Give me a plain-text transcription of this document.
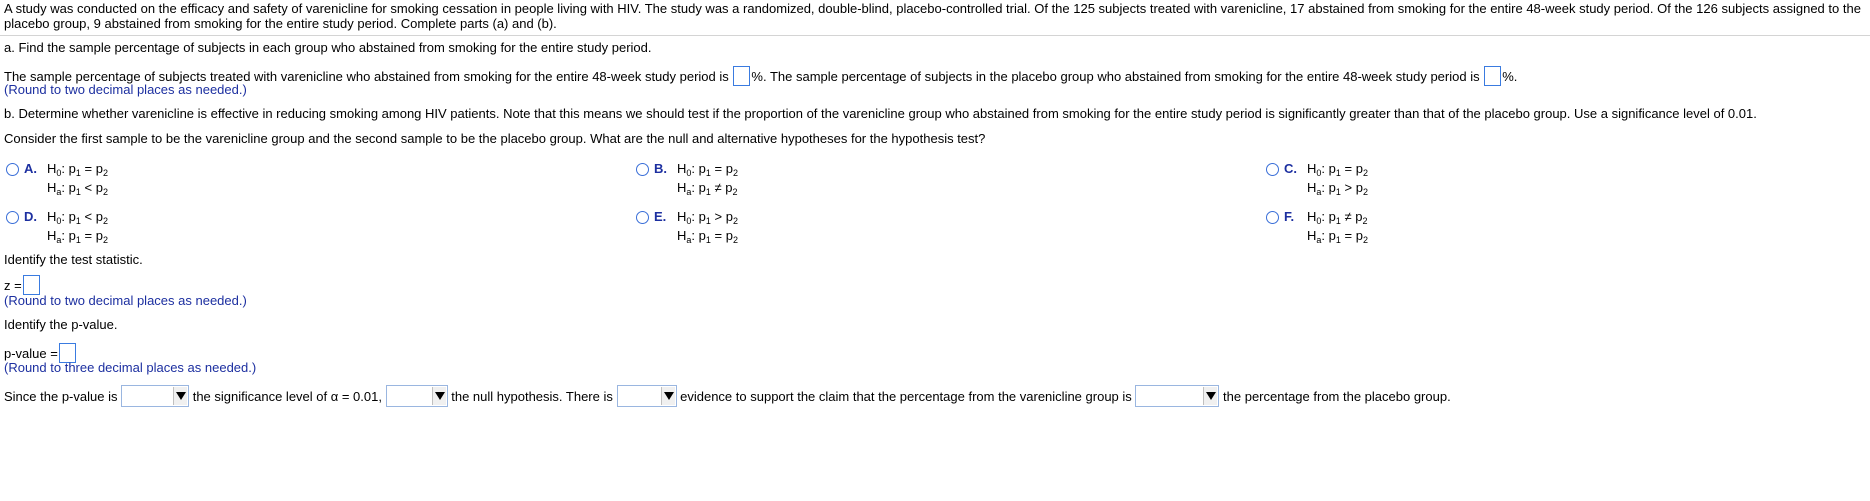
A study was conducted on the efficacy and safety of varenicline for smoking cessation in people living with HIV. The study was a randomized, double-blind, placebo-controlled trial. Of the 125 subjects treated with varenicline, 17 abstained from smoking for the entire 48-week study period. Of the 126 subjects assigned to the
placebo group, 9 abstained from smoking for the entire study period. Complete parts (a) and (b).
a. Find the sample percentage of subjects in each group who abstained from smoking for the entire study period.
The sample percentage of subjects treated with varenicline who abstained from smoking for the entire 48-week study period is %. The sample percentage of subjects in the placebo group who abstained from smoking for the entire 48-week study period is %.
(Round to two decimal places as needed.)
b. Determine whether varenicline is effective in reducing smoking among HIV patients. Note that this means we should test if the proportion of the varenicline group who abstained from smoking for the entire study period is significantly greater than that of the placebo group. Use a significance level of 0.01.
Consider the first sample to be the varenicline group and the second sample to be the placebo group. What are the null and alternative hypotheses for the hypothesis test?
A. $H_0$: $p_1 = p_2$
$H_a$: $p_1 < p_2$
B. $H_0$: $p_1 = p_2$
$H_a$: $p_1 \ne p_2$
C. $H_0$: $p_1 = p_2$
$H_a$: $p_1 > p_2$
D. $H_0$: $p_1 < p_2$
$H_a$: $p_1 = p_2$
E. $H_0$: $p_1 > p_2$
$H_a$: $p_1 = p_2$
F. $H_0$: $p_1 \ne p_2$
$H_a$: $p_1 = p_2$
Identify the test statistic.
z =
(Round to two decimal places as needed.)
Identify the p-value.
p-value =
(Round to three decimal places as needed.)
Since the p-value is	the significance level of α = 0.01,	the null hypothesis. There is	evidence to support the claim that the percentage from the varenicline group is	the percentage from the placebo group.
